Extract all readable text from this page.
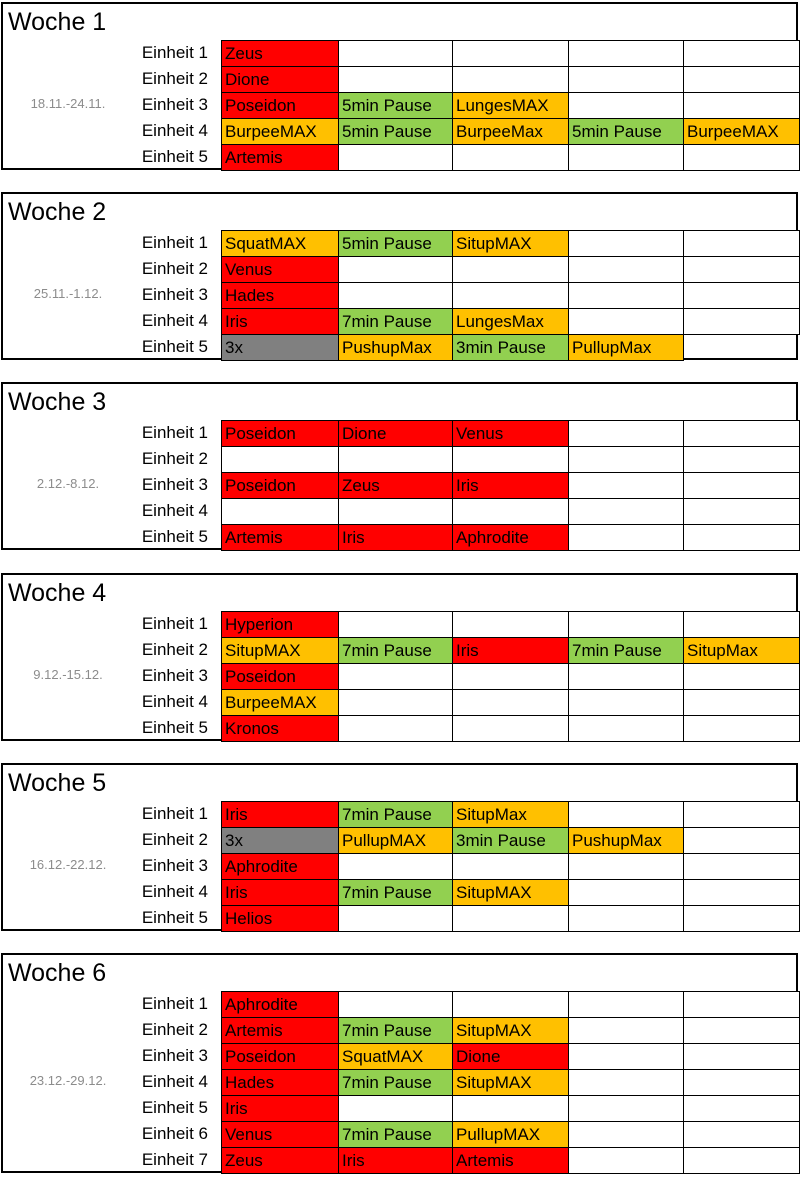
Woche 1
18.11.-24.11.
Einheit 1 Zeus
Einheit 2 Dione
Einheit 3 Poseidon	5min Pause	LungesMAX
Einheit 4 BurpeeMAX	5min Pause	BurpeeMax	5min Pause	BurpeeMAX
Einheit 5 Artemis
Woche 2
25.11.-1.12.
Einheit 1 SquatMAX	5min Pause	SitupMAX
Einheit 2 Venus
Einheit 3 Hades
Einheit 4 Iris	7min Pause	LungesMax
Einheit 5 3x	PushupMax	3min Pause	PullupMax
Woche 3
2.12.-8.12.
Einheit 1 Poseidon	Dione	Venus
Einheit 2
Einheit 3 Poseidon	Zeus	Iris
Einheit 4
Einheit 5 Artemis	Iris	Aphrodite
Woche 4
9.12.-15.12.
Einheit 1 Hyperion
Einheit 2 SitupMAX	7min Pause	Iris	7min Pause	SitupMax
Einheit 3 Poseidon
Einheit 4 BurpeeMAX
Einheit 5 Kronos
Woche 5
16.12.-22.12.
Einheit 1 Iris	7min Pause	SitupMax
Einheit 2 3x	PullupMAX	3min Pause	PushupMax
Einheit 3 Aphrodite
Einheit 4 Iris	7min Pause	SitupMAX
Einheit 5 Helios
Woche 6
23.12.-29.12.
Einheit 1 Aphrodite
Einheit 2 Artemis	7min Pause	SitupMAX
Einheit 3 Poseidon	SquatMAX	Dione
Einheit 4 Hades	7min Pause	SitupMAX
Einheit 5 Iris
Einheit 6 Venus	7min Pause	PullupMAX
Einheit 7 Zeus	Iris	Artemis
